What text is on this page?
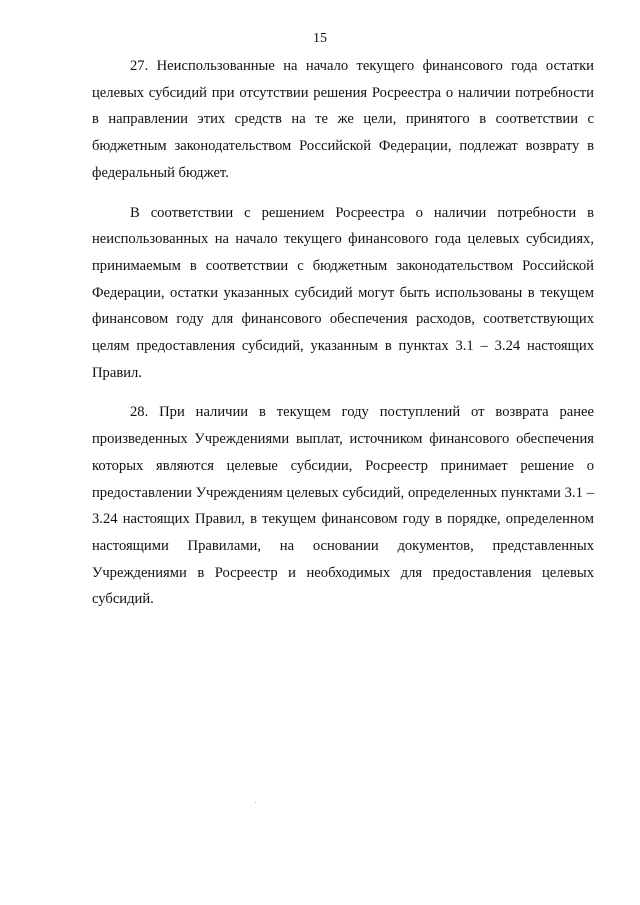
15

27. Неиспользованные на начало текущего финансового года остатки целевых субсидий при отсутствии решения Росреестра о наличии потребности в направлении этих средств на те же цели, принятого в соответствии с бюджетным законодательством Российской Федерации, подлежат возврату в федеральный бюджет.

В соответствии с решением Росреестра о наличии потребности в неиспользованных на начало текущего финансового года целевых субсидиях, принимаемым в соответствии с бюджетным законодательством Российской Федерации, остатки указанных субсидий могут быть использованы в текущем финансовом году для финансового обеспечения расходов, соответствующих целям предоставления субсидий, указанным в пунктах 3.1 – 3.24 настоящих Правил.

28. При наличии в текущем году поступлений от возврата ранее произведенных Учреждениями выплат, источником финансового обеспечения которых являются целевые субсидии, Росреестр принимает решение о предоставлении Учреждениям целевых субсидий, определенных пунктами 3.1 – 3.24 настоящих Правил, в текущем финансовом году в порядке, определенном настоящими Правилами, на основании документов, представленных Учреждениями в Росреестр и необходимых для предоставления целевых субсидий.
